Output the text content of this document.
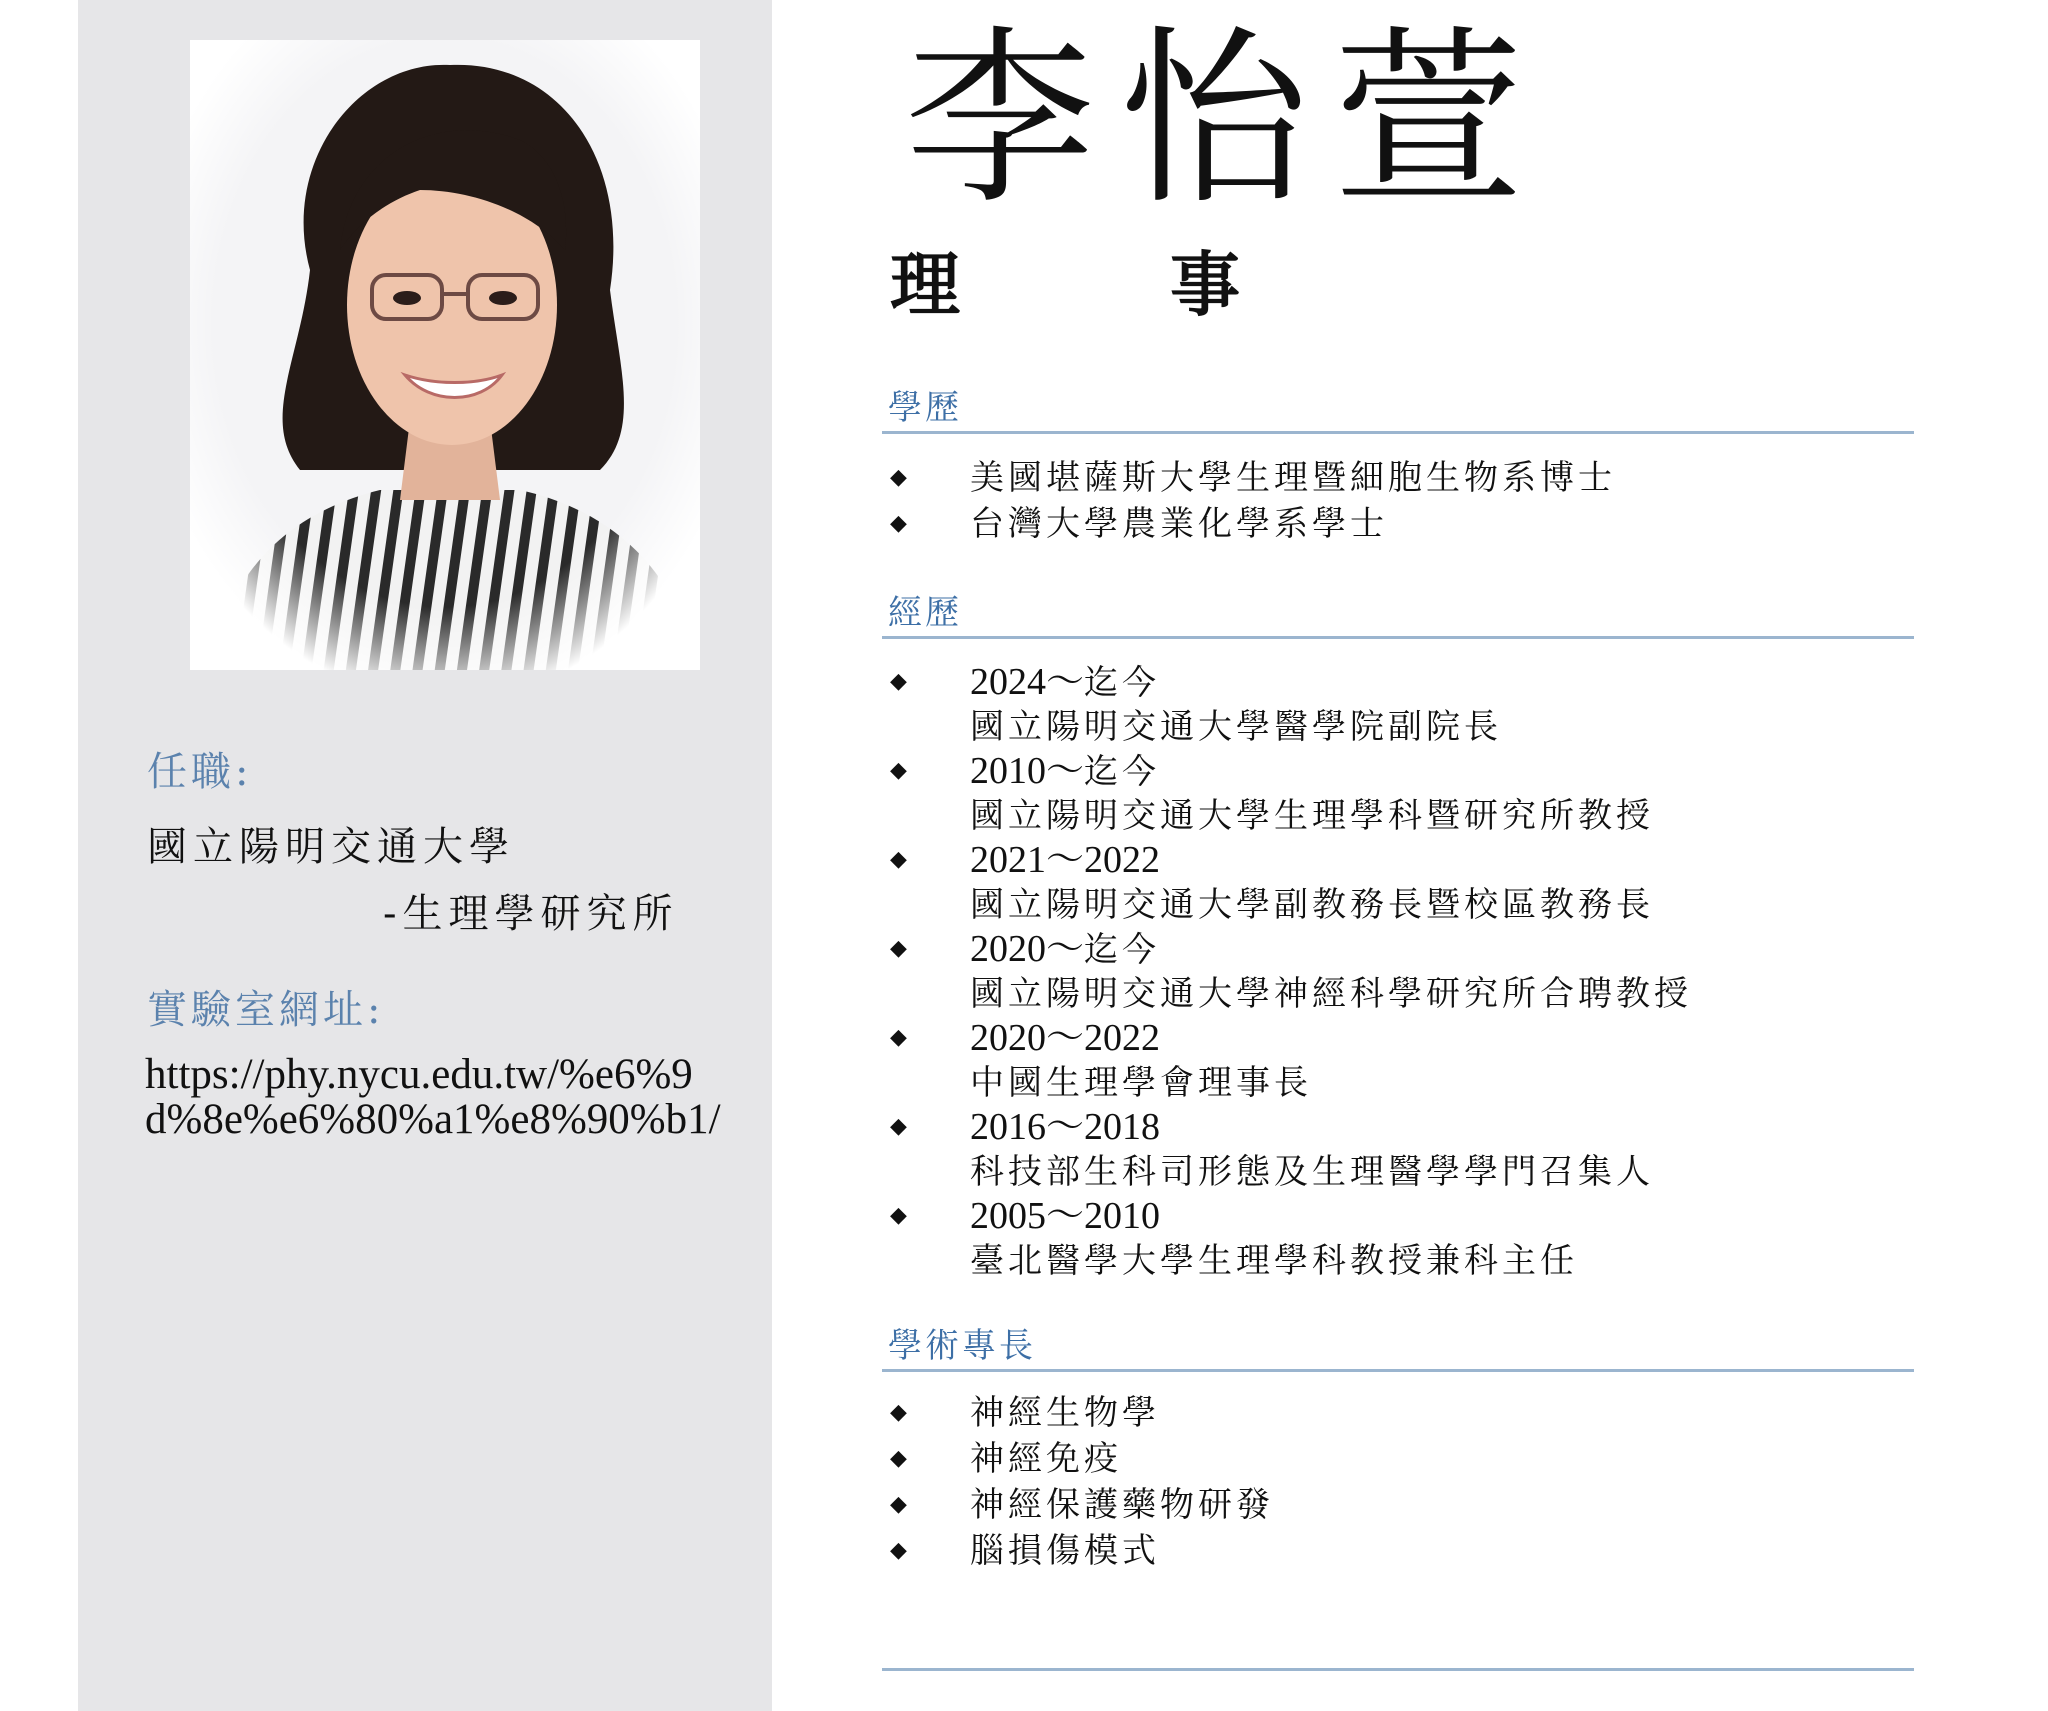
任職:
國立陽明交通大學
-生理學研究所
實驗室網址:
https://phy.nycu.edu.tw/%e6%9d%8e%e6%80%a1%e8%90%b1/
李怡萱
理　　　事
學歷
◆ 美國堪薩斯大學生理暨細胞生物系博士
◆ 台灣大學農業化學系學士
經歷
◆ 2024～迄今
國立陽明交通大學醫學院副院長
◆ 2010～迄今
國立陽明交通大學生理學科暨研究所教授
◆ 2021～2022
國立陽明交通大學副教務長暨校區教務長
◆ 2020～迄今
國立陽明交通大學神經科學研究所合聘教授
◆ 2020～2022
中國生理學會理事長
◆ 2016～2018
科技部生科司形態及生理醫學學門召集人
◆ 2005～2010
臺北醫學大學生理學科教授兼科主任
學術專長
◆ 神經生物學
◆ 神經免疫
◆ 神經保護藥物研發
◆ 腦損傷模式
